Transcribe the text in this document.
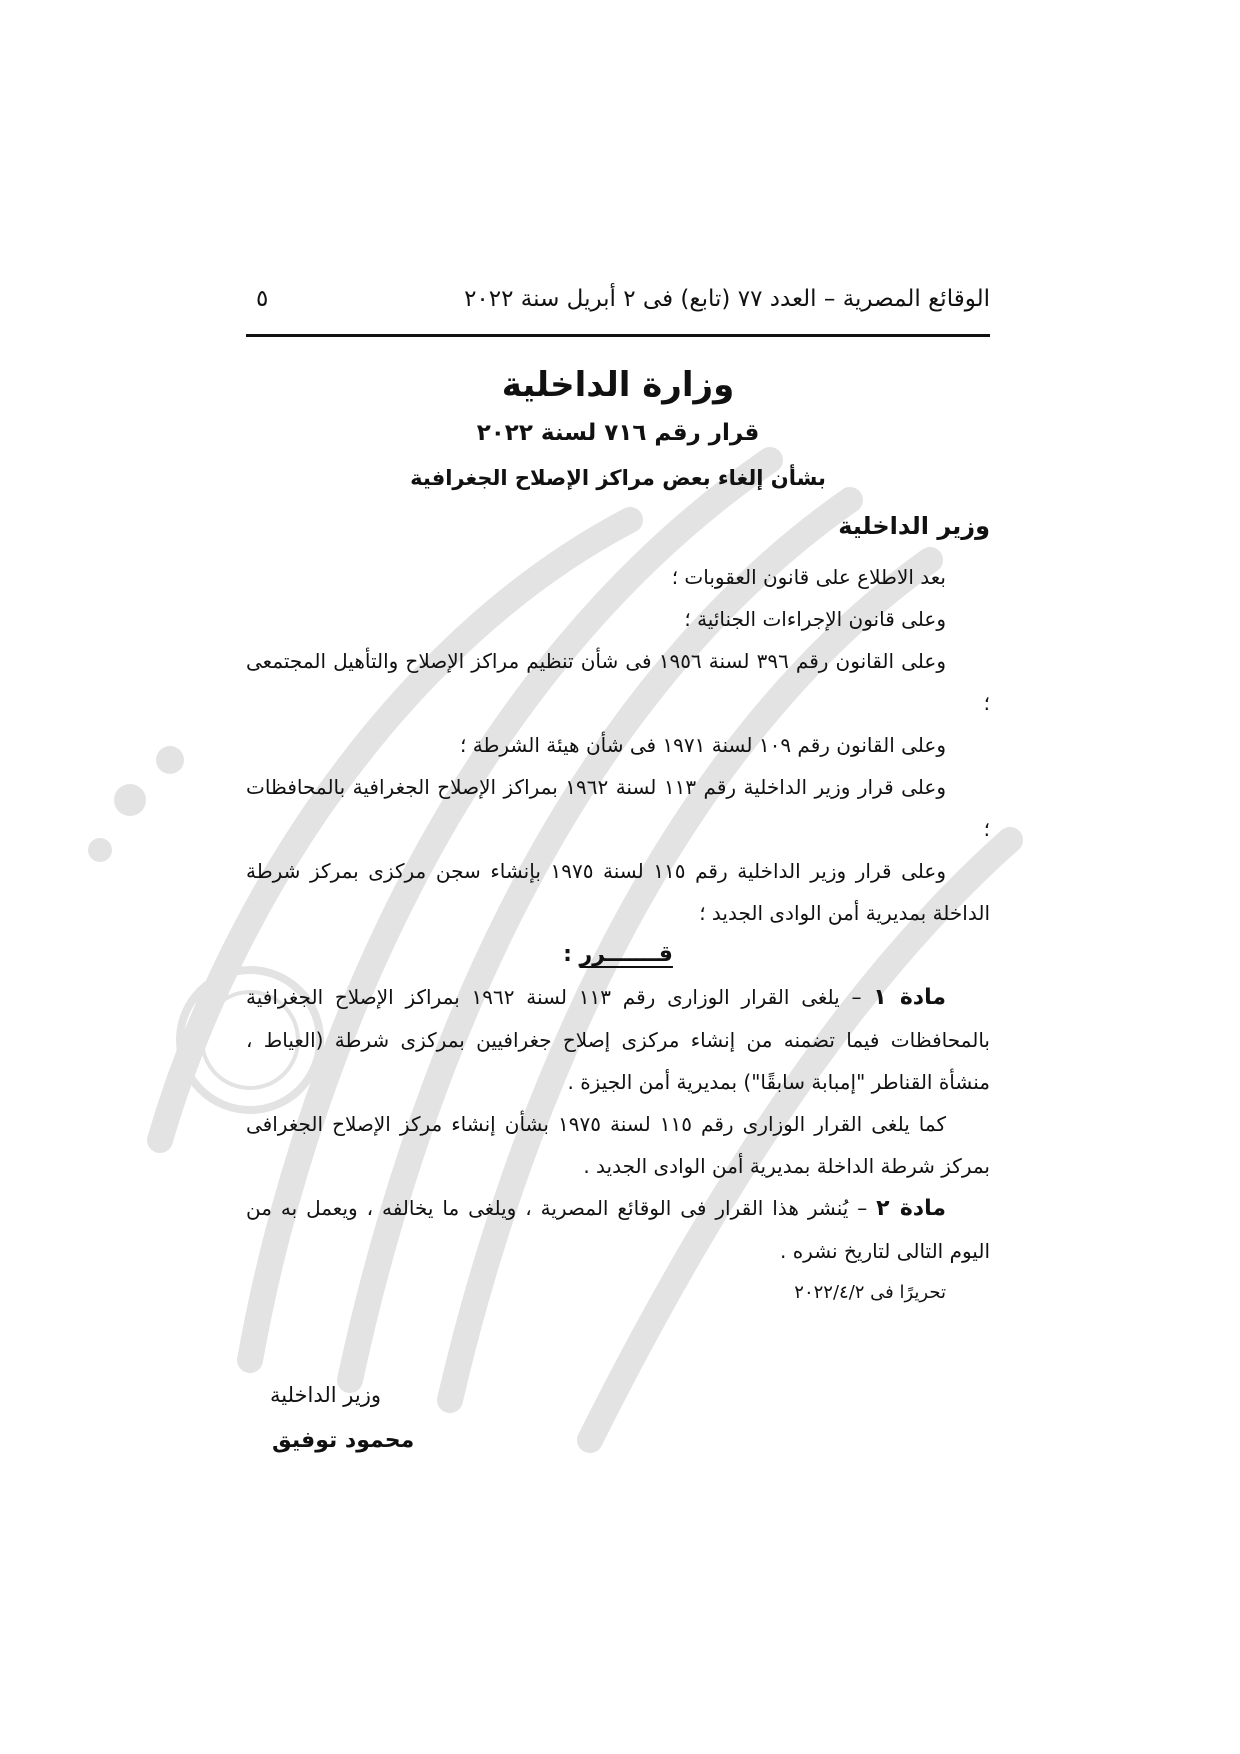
الوقائع المصرية – العدد ٧٧ (تابع) فى ٢ أبريل سنة ٢٠٢٢
٥
وزارة الداخلية
قرار رقم ٧١٦ لسنة ٢٠٢٢
بشأن إلغاء بعض مراكز الإصلاح الجغرافية
وزير الداخلية

بعد الاطلاع على قانون العقوبات ؛

وعلى قانون الإجراءات الجنائية ؛

وعلى القانون رقم ٣٩٦ لسنة ١٩٥٦ فى شأن تنظيم مراكز الإصلاح والتأهيل المجتمعى ؛

وعلى القانون رقم ١٠٩ لسنة ١٩٧١ فى شأن هيئة الشرطة ؛

وعلى قرار وزير الداخلية رقم ١١٣ لسنة ١٩٦٢ بمراكز الإصلاح الجغرافية بالمحافظات ؛

وعلى قرار وزير الداخلية رقم ١١٥ لسنة ١٩٧٥ بإنشاء سجن مركزى بمركز شرطة الداخلة بمديرية أمن الوادى الجديد ؛

قـــــــرر :

مادة ١ – يلغى القرار الوزارى رقم ١١٣ لسنة ١٩٦٢ بمراكز الإصلاح الجغرافية بالمحافظات فيما تضمنه من إنشاء مركزى إصلاح جغرافيين بمركزى شرطة (العياط ، منشأة القناطر "إمبابة سابقًا") بمديرية أمن الجيزة .

كما يلغى القرار الوزارى رقم ١١٥ لسنة ١٩٧٥ بشأن إنشاء مركز الإصلاح الجغرافى بمركز شرطة الداخلة بمديرية أمن الوادى الجديد .

مادة ٢ – يُنشر هذا القرار فى الوقائع المصرية ، ويلغى ما يخالفه ، ويعمل به من اليوم التالى لتاريخ نشره .

تحريرًا فى ٢٠٢٢/٤/٢

وزير الداخلية
محمود توفيق
